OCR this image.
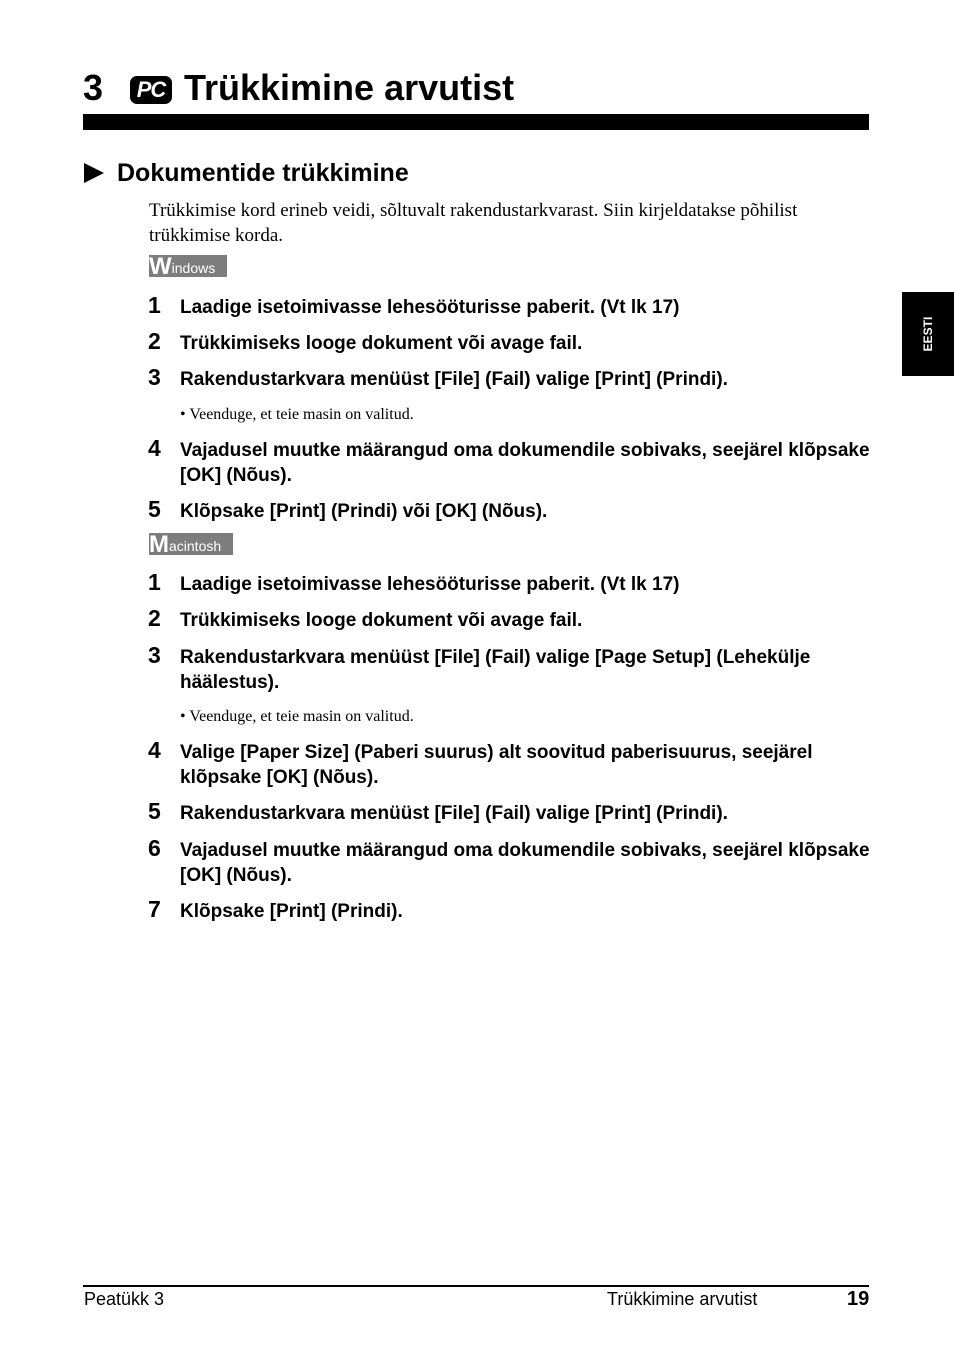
3	PC Trükkimine arvutist
Dokumentide trükkimine
Trükkimise kord erineb veidi, sõltuvalt rakendustarkvarast. Siin kirjeldatakse põhilist trükkimise korda.
Windows
1 Laadige isetoimivasse lehesööturisse paberit. (Vt lk 17)
2 Trükkimiseks looge dokument või avage fail.
3 Rakendustarkvara menüüst [File] (Fail) valige [Print] (Prindi).
• Veenduge, et teie masin on valitud.
4 Vajadusel muutke määrangud oma dokumendile sobivaks, seejärel klõpsake [OK] (Nõus).
5 Klõpsake [Print] (Prindi) või [OK] (Nõus).
Macintosh
1 Laadige isetoimivasse lehesööturisse paberit. (Vt lk 17)
2 Trükkimiseks looge dokument või avage fail.
3 Rakendustarkvara menüüst [File] (Fail) valige [Page Setup] (Lehekülje häälestus).
• Veenduge, et teie masin on valitud.
4 Valige [Paper Size] (Paberi suurus) alt soovitud paberisuurus, seejärel klõpsake [OK] (Nõus).
5 Rakendustarkvara menüüst [File] (Fail) valige [Print] (Prindi).
6 Vajadusel muutke määrangud oma dokumendile sobivaks, seejärel klõpsake [OK] (Nõus).
7 Klõpsake [Print] (Prindi).
EESTI
Peatükk 3	Trükkimine arvutist	19
